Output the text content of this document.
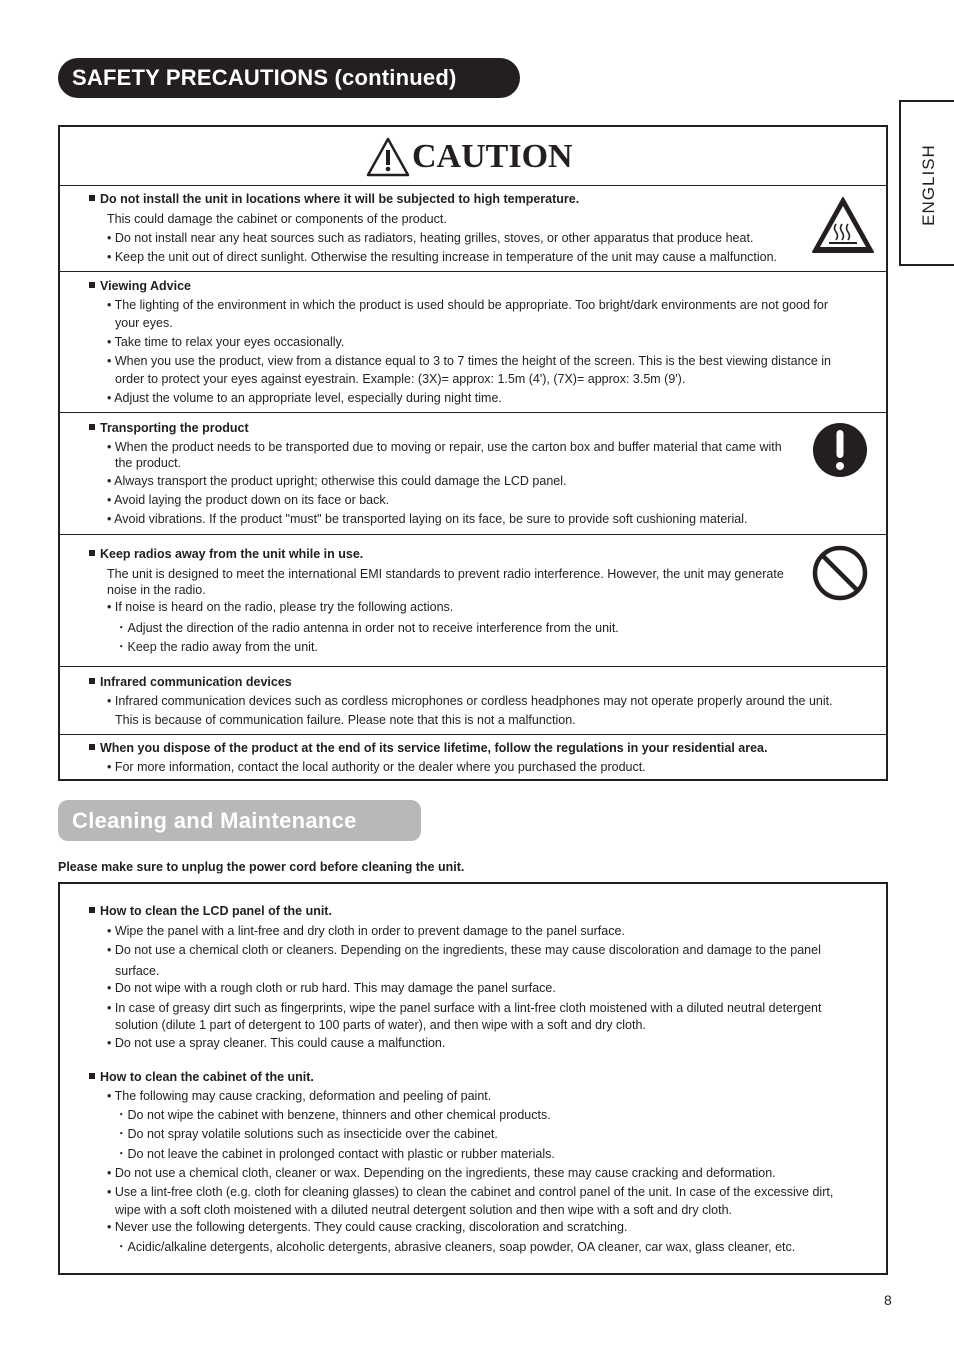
SAFETY PRECAUTIONS (continued)
ENGLISH
CAUTION
Do not install the unit in locations where it will be subjected to high temperature.
This could damage the cabinet or components of the product.
• Do not install near any heat sources such as radiators, heating grilles, stoves, or other apparatus that produce heat.
• Keep the unit out of direct sunlight. Otherwise the resulting increase in temperature of the unit may cause a malfunction.
Viewing Advice
• The lighting of the environment in which the product is used should be appropriate. Too bright/dark environments are not good for
your eyes.
• Take time to relax your eyes occasionally.
• When you use the product, view from a distance equal to 3 to 7 times the height of the screen. This is the best viewing distance in
order to protect your eyes against eyestrain. Example: (3X)= approx: 1.5m (4'), (7X)= approx: 3.5m (9').
• Adjust the volume to an appropriate level, especially during night time.
Transporting the product
• When the product needs to be transported due to moving or repair, use the carton box and buffer material that came with
the product.
• Always transport the product upright; otherwise this could damage the LCD panel.
• Avoid laying the product down on its face or back.
• Avoid vibrations. If the product "must" be transported laying on its face, be sure to provide soft cushioning material.
Keep radios away from the unit while in use.
The unit is designed to meet the international EMI standards to prevent radio interference. However, the unit may generate
noise in the radio.
• If noise is heard on the radio, please try the following actions.
・Adjust the direction of the radio antenna in order not to receive interference from the unit.
・Keep the radio away from the unit.
Infrared communication devices
• Infrared communication devices such as cordless microphones or cordless headphones may not operate properly around the unit.
This is because of communication failure. Please note that this is not a malfunction.
When you dispose of the product at the end of its service lifetime, follow the regulations in your residential area.
• For more information, contact the local authority or the dealer where you purchased the product.
Cleaning and Maintenance
Please make sure to unplug the power cord before cleaning the unit.
How to clean the LCD panel of the unit.
• Wipe the panel with a lint-free and dry cloth in order to prevent damage to the panel surface.
• Do not use a chemical cloth or cleaners. Depending on the ingredients, these may cause discoloration and damage to the panel
surface.
• Do not wipe with a rough cloth or rub hard. This may damage the panel surface.
• In case of greasy dirt such as fingerprints, wipe the panel surface with a lint-free cloth moistened with a diluted neutral detergent
solution (dilute 1 part of detergent to 100 parts of water), and then wipe with a soft and dry cloth.
• Do not use a spray cleaner. This could cause a malfunction.
How to clean the cabinet of the unit.
• The following may cause cracking, deformation and peeling of paint.
・Do not wipe the cabinet with benzene, thinners and other chemical products.
・Do not spray volatile solutions such as insecticide over the cabinet.
・Do not leave the cabinet in prolonged contact with plastic or rubber materials.
• Do not use a chemical cloth, cleaner or wax. Depending on the ingredients, these may cause cracking and deformation.
• Use a lint-free cloth (e.g. cloth for cleaning glasses) to clean the cabinet and control panel of the unit. In case of the excessive dirt,
wipe with a soft cloth moistened with a diluted neutral detergent solution and then wipe with a soft and dry cloth.
• Never use the following detergents. They could cause cracking, discoloration and scratching.
・Acidic/alkaline detergents, alcoholic detergents, abrasive cleaners, soap powder, OA cleaner, car wax, glass cleaner, etc.
8
